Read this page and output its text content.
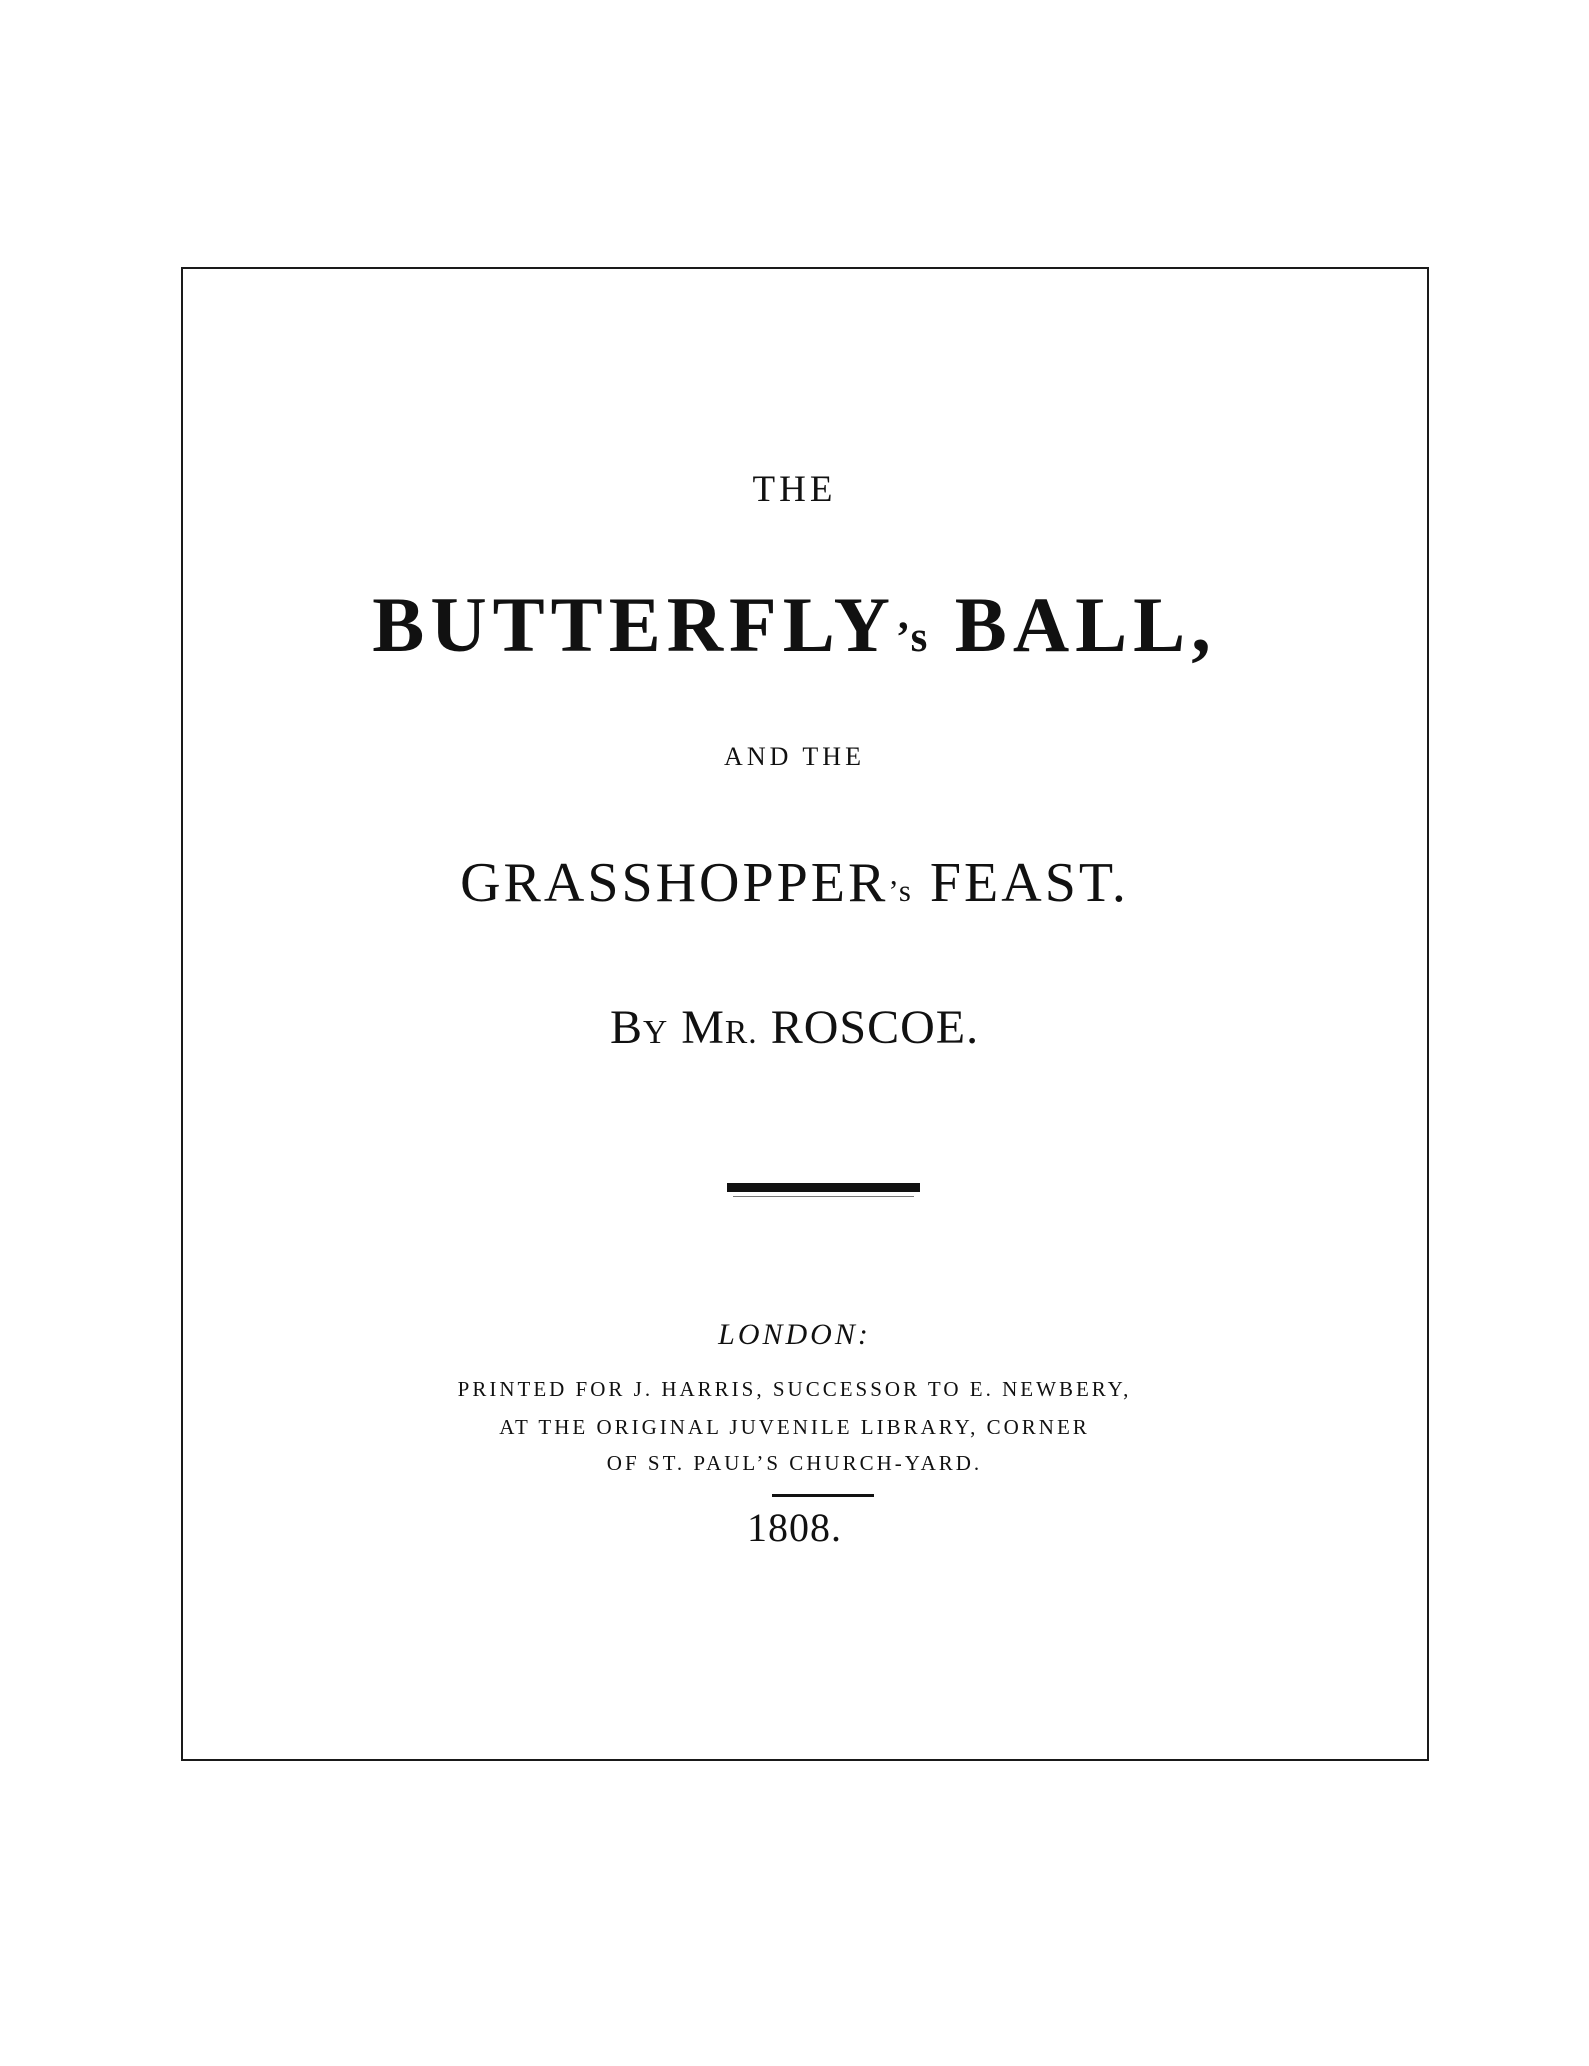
THE
BUTTERFLY’s BALL,
AND THE
GRASSHOPPER’s FEAST.
BY MR. ROSCOE.
LONDON:
PRINTED FOR J. HARRIS, SUCCESSOR TO E. NEWBERY,
AT THE ORIGINAL JUVENILE LIBRARY, CORNER
OF ST. PAUL’S CHURCH-YARD.
1808.
